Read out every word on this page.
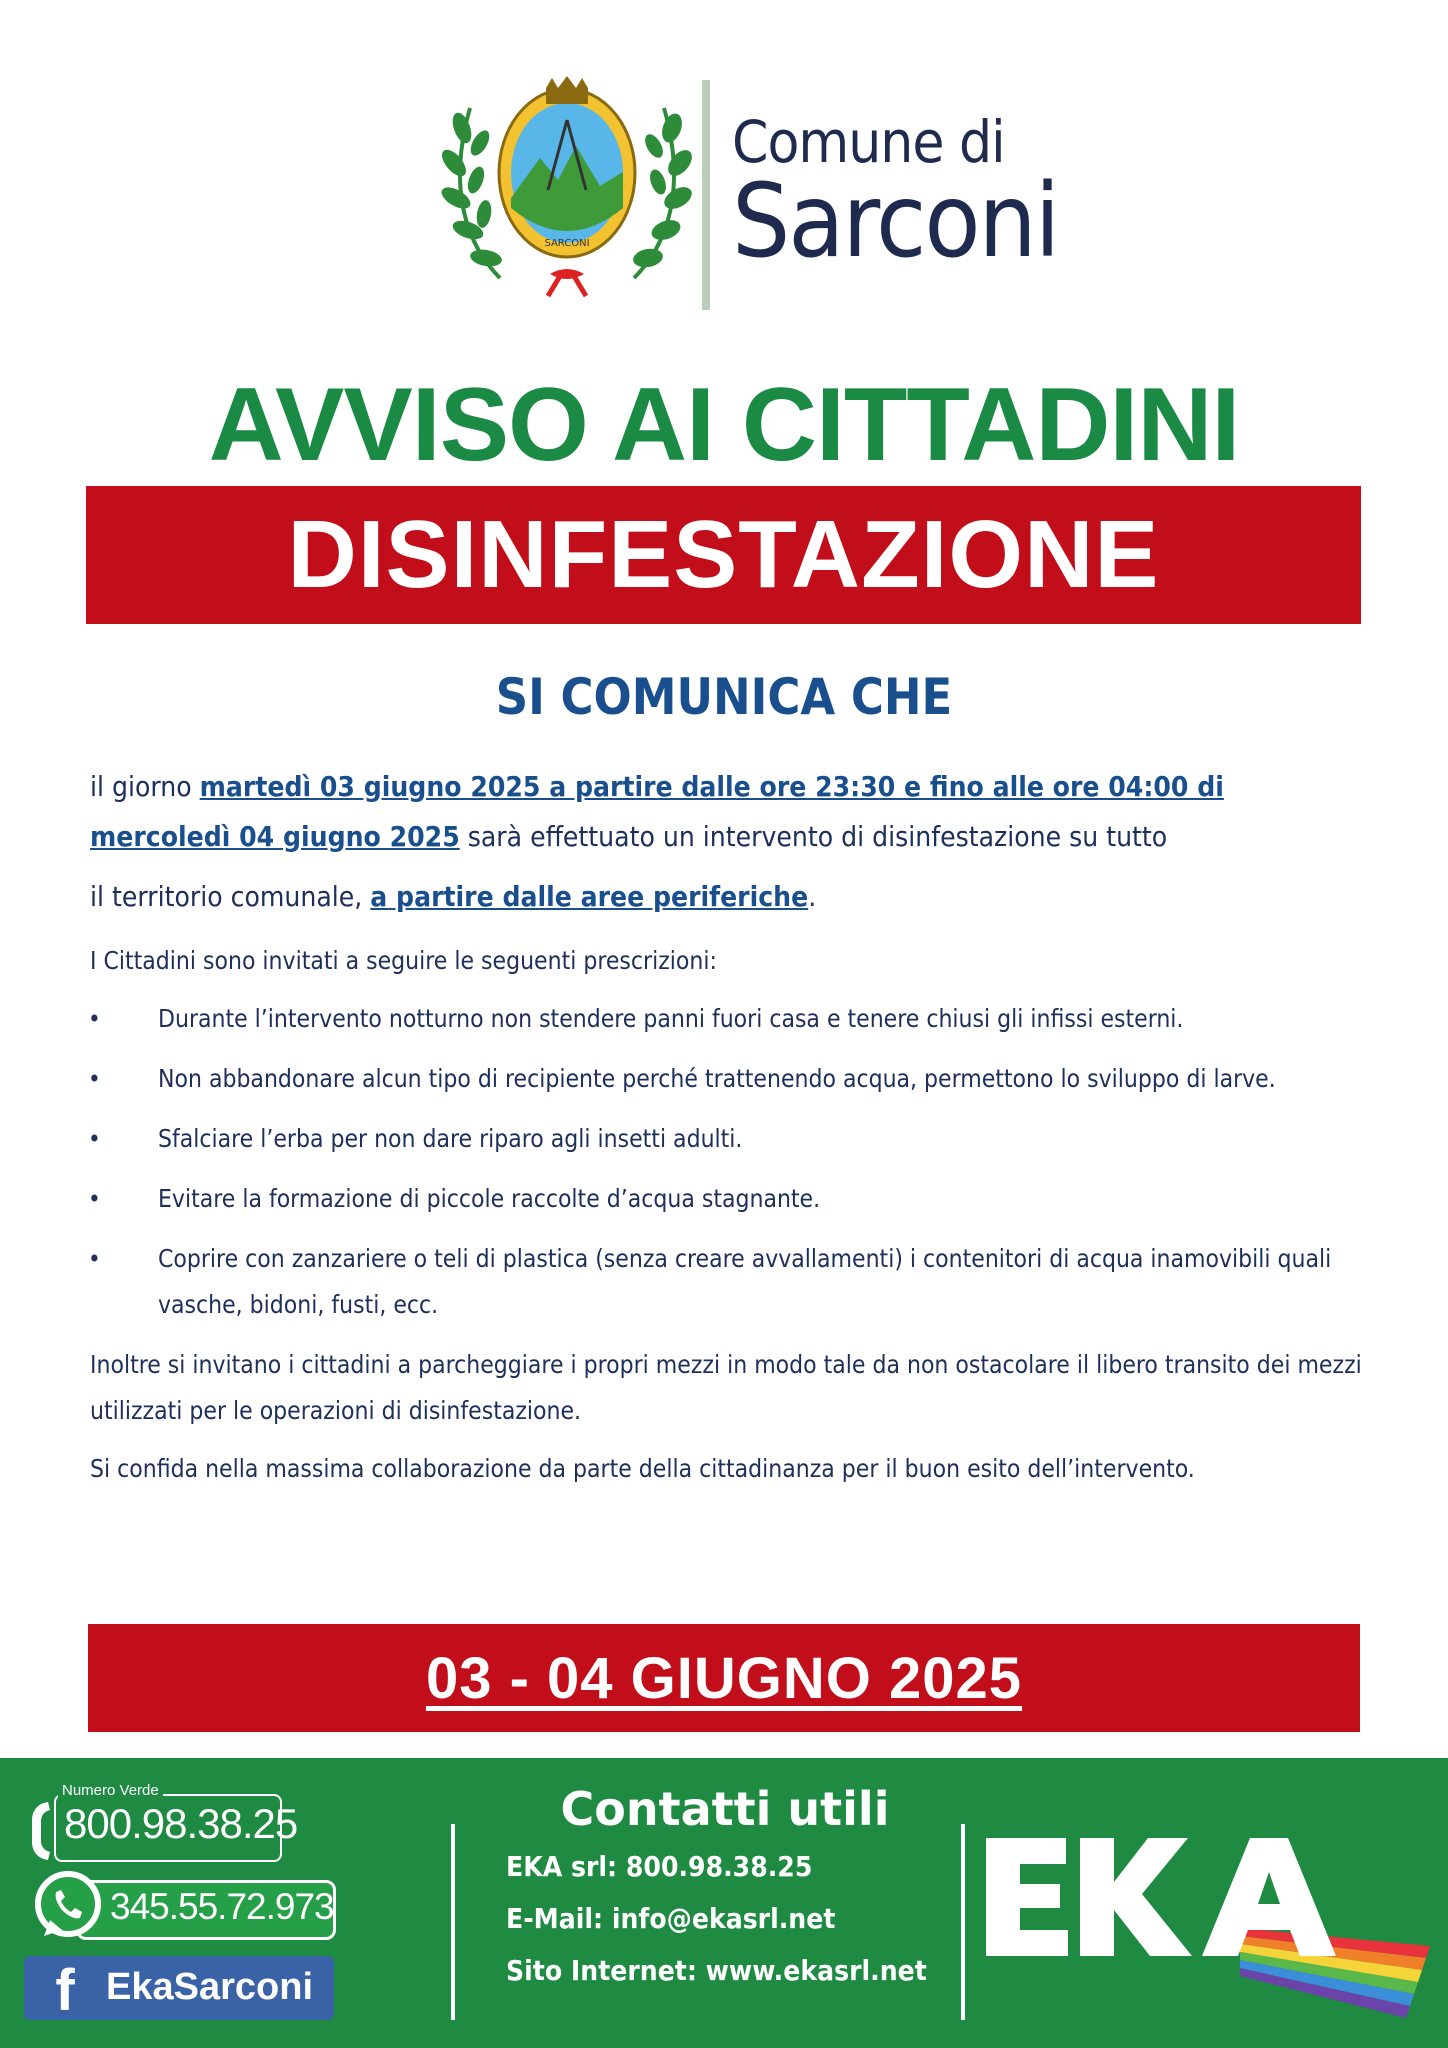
SARCONI
Comune di
Sarconi
AVVISO AI CITTADINI
DISINFESTAZIONE
SI COMUNICA CHE

il giorno martedì 03 giugno 2025 a partire dalle ore 23:30 e fino alle ore 04:00 di mercoledì 04 giugno 2025 sarà effettuato un intervento di disinfestazione su tutto

il territorio comunale, a partire dalle aree periferiche.

I Cittadini sono invitati a seguire le seguenti prescrizioni:

• Durante l’intervento notturno non stendere panni fuori casa e tenere chiusi gli infissi esterni.
• Non abbandonare alcun tipo di recipiente perché trattenendo acqua, permettono lo sviluppo di larve.
• Sfalciare l’erba per non dare riparo agli insetti adulti.
• Evitare la formazione di piccole raccolte d’acqua stagnante.
• Coprire con zanzariere o teli di plastica (senza creare avvallamenti) i contenitori di acqua inamovibili quali vasche, bidoni, fusti, ecc.

Inoltre si invitano i cittadini a parcheggiare i propri mezzi in modo tale da non ostacolare il libero transito dei mezzi utilizzati per le operazioni di disinfestazione.

Si confida nella massima collaborazione da parte della cittadinanza per il buon esito dell’intervento.

03 - 04 GIUGNO 2025
Numero Verde
800.98.38.25
345.55.72.973
f EkaSarconi
Contatti utili
EKA srl: 800.98.38.25
E-Mail: info@ekasrl.net
Sito Internet: www.ekasrl.net
EKA
